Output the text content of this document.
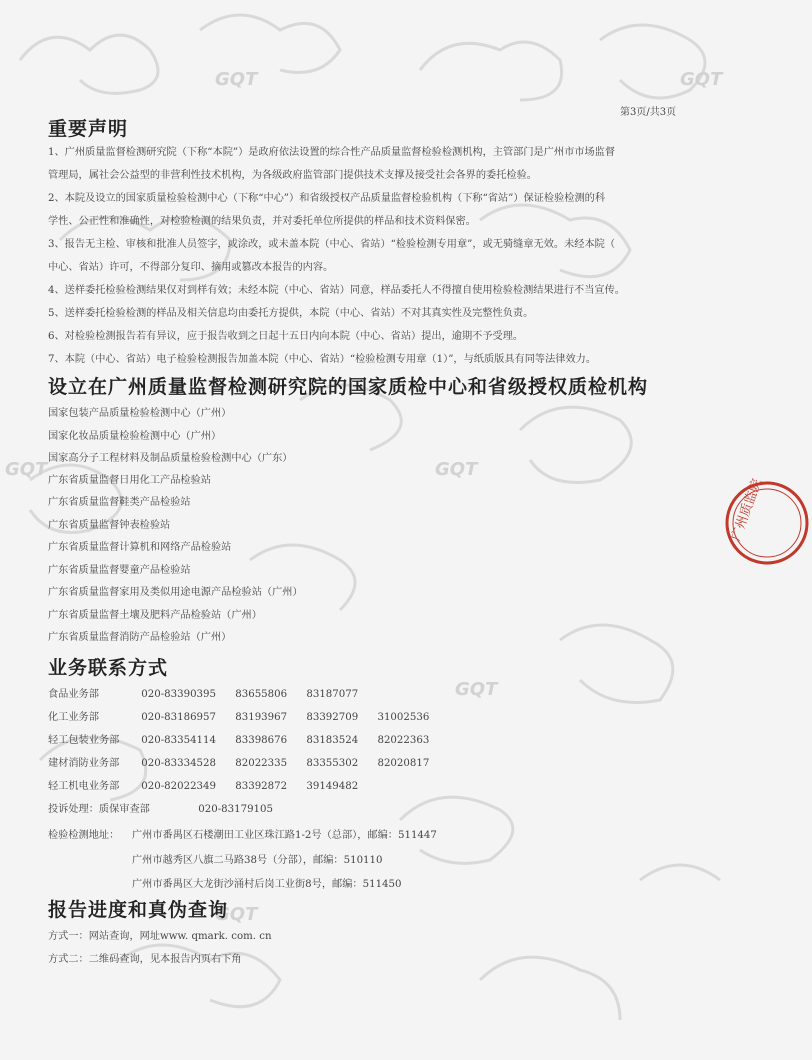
GQT	GQT
GQT	GQT
GQT
GQT
广州质监院
第3页/共3页
重要声明
1、广州质量监督检测研究院（下称“本院”）是政府依法设置的综合性产品质量监督检验检测机构，主管部门是广州市市场监督
管理局，属社会公益型的非营利性技术机构，为各级政府监管部门提供技术支撑及接受社会各界的委托检验。
2、本院及设立的国家质量检验检测中心（下称“中心”）和省级授权产品质量监督检验机构（下称“省站”）保证检验检测的科
学性、公正性和准确性，对检验检测的结果负责，并对委托单位所提供的样品和技术资料保密。
3、报告无主检、审核和批准人员签字，或涂改，或未盖本院（中心、省站）“检验检测专用章”，或无骑缝章无效。未经本院（
中心、省站）许可，不得部分复印、摘用或篡改本报告的内容。
4、送样委托检验检测结果仅对到样有效；未经本院（中心、省站）同意，样品委托人不得擅自使用检验检测结果进行不当宣传。
5、送样委托检验检测的样品及相关信息均由委托方提供，本院（中心、省站）不对其真实性及完整性负责。
6、对检验检测报告若有异议，应于报告收到之日起十五日内向本院（中心、省站）提出，逾期不予受理。
7、本院（中心、省站）电子检验检测报告加盖本院（中心、省站）“检验检测专用章（1）”，与纸质版具有同等法律效力。
设立在广州质量监督检测研究院的国家质检中心和省级授权质检机构
国家包装产品质量检验检测中心（广州）
国家化妆品质量检验检测中心（广州）
国家高分子工程材料及制品质量检验检测中心（广东）
广东省质量监督日用化工产品检验站
广东省质量监督鞋类产品检验站
广东省质量监督钟表检验站
广东省质量监督计算机和网络产品检验站
广东省质量监督婴童产品检验站
广东省质量监督家用及类似用途电源产品检验站（广州）
广东省质量监督土壤及肥料产品检验站（广州）
广东省质量监督消防产品检验站（广州）
业务联系方式
食品业务部	020-83390395 83655806 83187077
化工业务部	020-83186957 83193967 83392709 31002536
轻工包装业务部 020-83354114 83398676 83183524 82022363
建材消防业务部 020-83334528 82022335 83355302 82020817
轻工机电业务部 020-82022349 83392872 39149482
投诉处理：质保审查部	020-83179105
检验检测地址： 广州市番禺区石楼潮田工业区珠江路1-2号（总部），邮编：511447
广州市越秀区八旗二马路38号（分部），邮编：510110
广州市番禺区大龙街沙涌村后岗工业街8号，邮编：511450
报告进度和真伪查询
方式一：网站查询，网址www. qmark. com. cn
方式二：二维码查询，见本报告内页右下角
